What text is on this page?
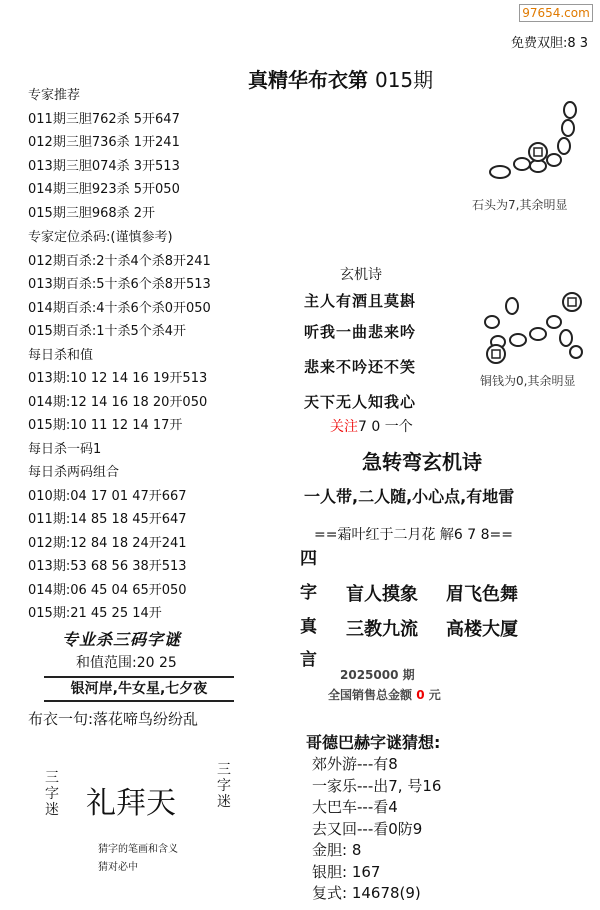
97654.com
免费双胆:8 3
真精华布衣第 015期
专家推荐
011期三胆762杀 5开647
012期三胆736杀 1开241
013期三胆074杀 3开513
014期三胆923杀 5开050
015期三胆968杀 2开
专家定位杀码:(谨慎参考)
012期百杀:2十杀4个杀8开241
013期百杀:5十杀6个杀8开513
014期百杀:4十杀6个杀0开050
015期百杀:1十杀5个杀4开
每日杀和值
013期:10 12 14 16 19开513
014期:12 14 16 18 20开050
015期:10 11 12 14 17开
每日杀一码1
每日杀两码组合
010期:04 17 01 47开667
011期:14 85 18 45开647
012期:12 84 18 24开241
013期:53 68 56 38开513
014期:06 45 04 65开050
015期:21 45 25 14开
专业杀三码字谜
和值范围:20 25
银河岸,牛女星,七夕夜
布衣一句:落花啼鸟纷纷乱
三字迷 礼拜天
三字迷
猜字的笔画和含义
猜对必中
石头为7,其余明显
铜钱为0,其余明显
玄机诗
主人有酒且莫斟
听我一曲悲来吟
悲来不吟还不笑
天下无人知我心
关注7 0 一个
急转弯玄机诗
一人带,二人随,小心点,有地雷
==霜叶红于二月花 解6 7 8==
四
字
真
言
盲人摸象 眉飞色舞
三教九流 高楼大厦
2025000 期
全国销售总金额 0 元
哥德巴赫字谜猜想:
郊外游---有8
一家乐---出7, 号16
大巴车---看4
去又回---看0防9
金胆: 8
银胆: 167
复式: 14678(9)
